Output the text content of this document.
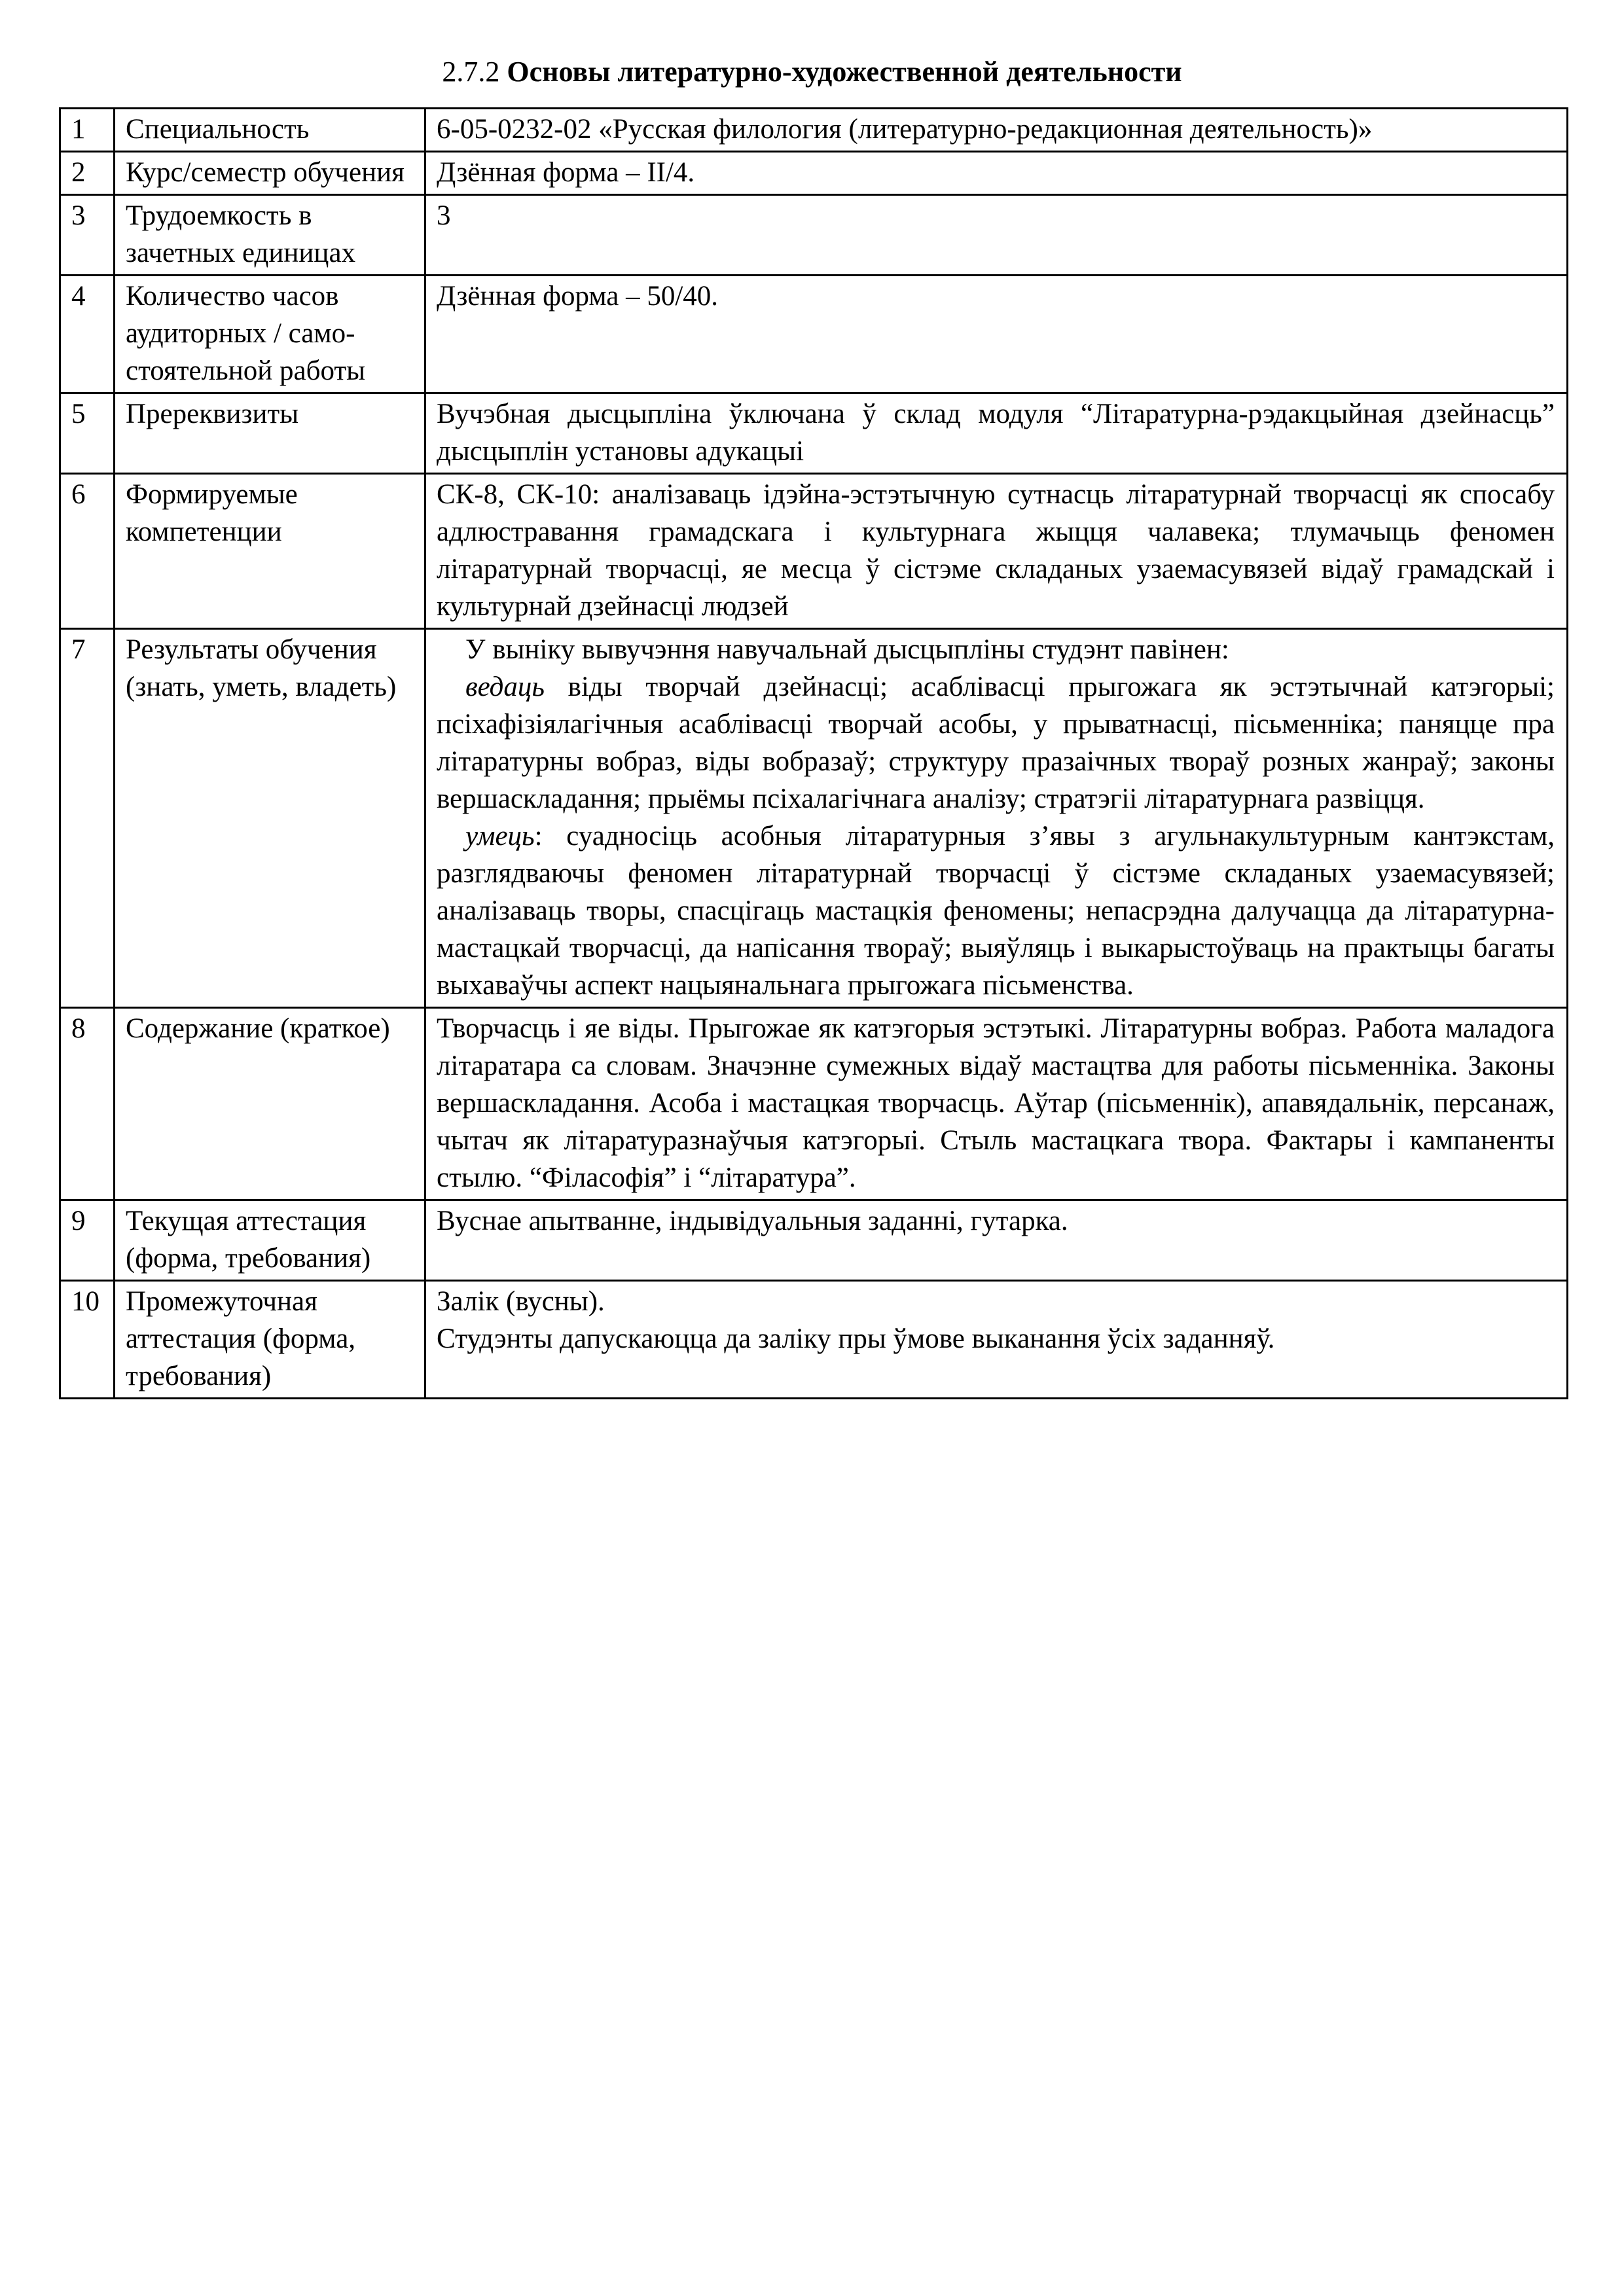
2.7.2 Основы литературно-художественной деятельности
1	Специальность	6-05-0232-02 «Русская филология (литературно-редакционная деятельность)»
2	Курс/семестр обучения	Дзённая форма – II/4.
3	Трудоемкость в зачетных единицах	3
4	Количество часов аудиторных / само-стоятельной работы	Дзённая форма – 50/40.
5	Пререквизиты	Вучэбная дысцыпліна ўключана ў склад модуля “Літаратурна-рэдакцыйная дзейнасць” дысцыплін установы адукацыі
6	Формируемые компетенции	СК-8, СК-10: аналізаваць ідэйна-эстэтычную сутнасць літаратурнай творчасці як спосабу адлюстравання грамадскага і культурнага жыцця чалавека; тлумачыць феномен літаратурнай творчасці, яе месца ў сістэме складаных узаемасувязей відаў грамадскай і культурнай дзейнасці людзей
7	Результаты обучения (знать, уметь, владеть)	У выніку вывучэння навучальнай дысцыпліны студэнт павінен:
ведаць віды творчай дзейнасці; асаблівасці прыгожага як эстэтычнай катэгорыі; псіхафізіялагічныя асаблівасці творчай асобы, у прыватнасці, пісьменніка; паняцце пра літаратурны вобраз, віды вобразаў; структуру празаічных твораў розных жанраў; законы вершаскладання; прыёмы псіхалагічнага аналізу; стратэгіі літаратурнага развіцця.
умець: суадносіць асобныя літаратурныя з’явы з агульнакультурным кантэкстам, разглядваючы феномен літаратурнай творчасці ў сістэме складаных узаемасувязей; аналізаваць творы, спасцігаць мастацкія феномены; непасрэдна далучацца да літаратурна-мастацкай творчасці, да напісання твораў; выяўляць і выкарыстоўваць на практыцы багаты выхаваўчы аспект нацыянальнага прыгожага пісьменства.

8	Содержание (краткое)	Творчасць і яе віды. Прыгожае як катэгорыя эстэтыкі. Літаратурны вобраз. Работа маладога літаратара са словам. Значэнне сумежных відаў мастацтва для работы пісьменніка. Законы вершаскладання. Асоба і мастацкая творчасць. Аўтар (пісьменнік), апавядальнік, персанаж, чытач як літаратуразнаўчыя катэгорыі. Стыль мастацкага твора. Фактары і кампаненты стылю. “Філасофія” і “літаратура”.
9	Текущая аттестация (форма, требования)	Вуснае апытванне, індывідуальныя заданні, гутарка.
10	Промежуточная аттестация (форма, требования)	Залік (вусны).
Студэнты дапускаюцца да заліку пры ўмове выканання ўсіх заданняў.
